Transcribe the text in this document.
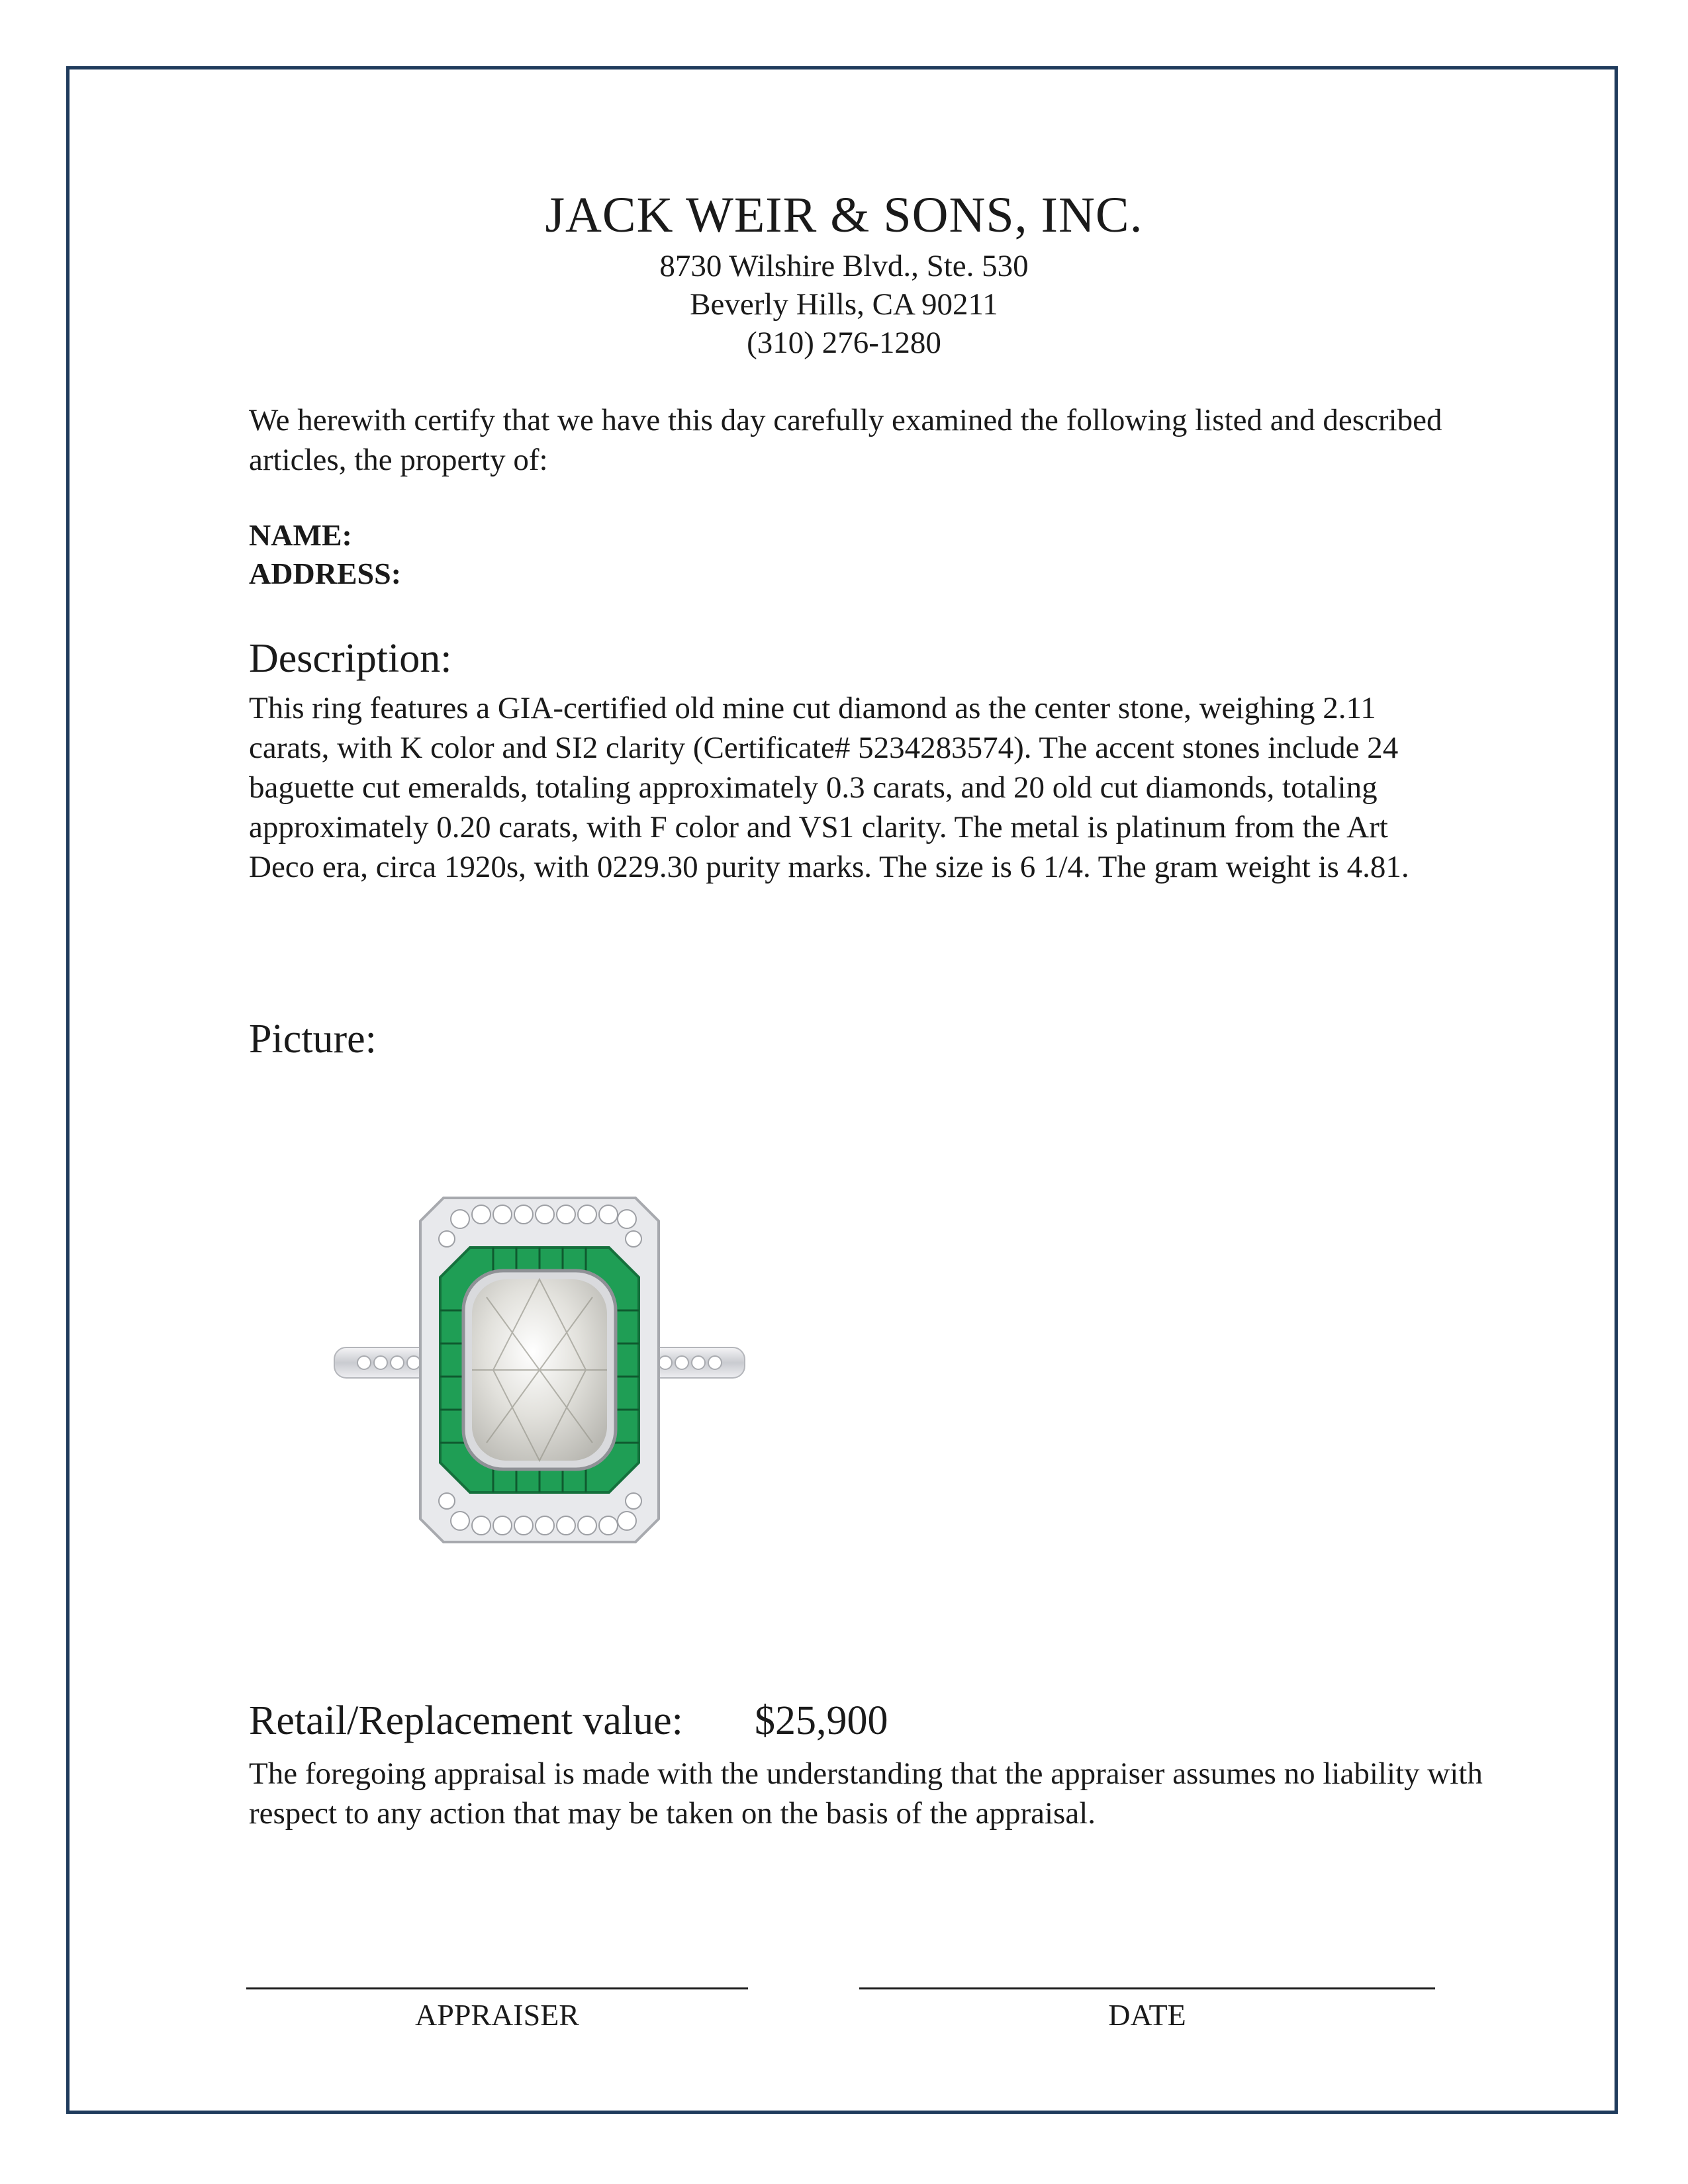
JACK WEIR & SONS, INC.

8730 Wilshire Blvd., Ste. 530

Beverly Hills, CA 90211

(310) 276-1280

We herewith certify that we have this day carefully examined the following listed and described articles, the property of:

NAME:

ADDRESS:

Description:

This ring features a GIA-certified old mine cut diamond as the center stone, weighing 2.11 carats, with K color and SI2 clarity (Certificate# 5234283574). The accent stones include 24 baguette cut emeralds, totaling approximately 0.3 carats, and 20 old cut diamonds, totaling approximately 0.20 carats, with F color and VS1 clarity. The metal is platinum from the Art Deco era, circa 1920s, with 0229.30 purity marks. The size is 6 1/4. The gram weight is 4.81.

Picture:

Retail/Replacement value: $25,900

The foregoing appraisal is made with the understanding that the appraiser assumes no liability with respect to any action that may be taken on the basis of the appraisal.

APPRAISER	DATE
